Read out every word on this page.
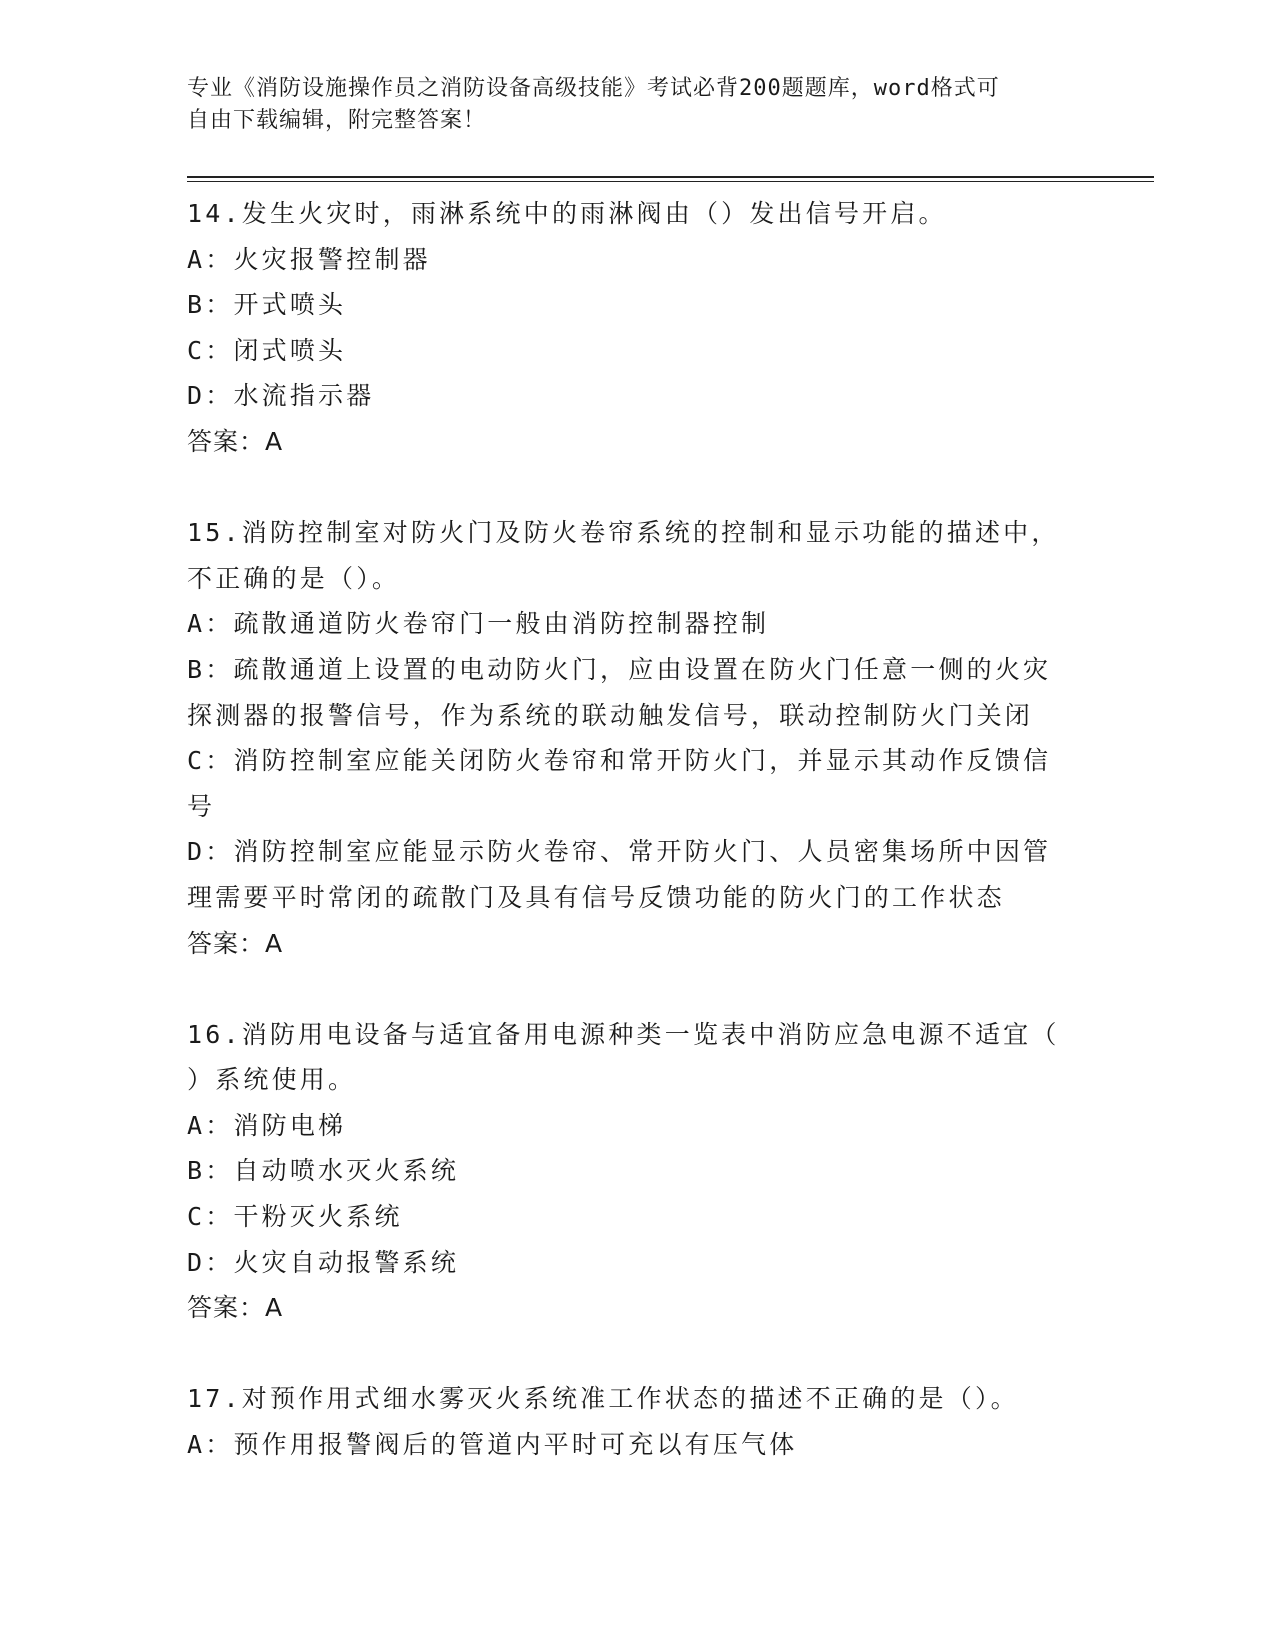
专业《消防设施操作员之消防设备高级技能》考试必背200题题库，word格式可
自由下载编辑，附完整答案！
14.发生火灾时，雨淋系统中的雨淋阀由（）发出信号开启。
A：火灾报警控制器
B：开式喷头
C：闭式喷头
D：水流指示器
答案：A
15.消防控制室对防火门及防火卷帘系统的控制和显示功能的描述中，
不正确的是（）。
A：疏散通道防火卷帘门一般由消防控制器控制
B：疏散通道上设置的电动防火门，应由设置在防火门任意一侧的火灾
探测器的报警信号，作为系统的联动触发信号，联动控制防火门关闭
C：消防控制室应能关闭防火卷帘和常开防火门，并显示其动作反馈信
号
D：消防控制室应能显示防火卷帘、常开防火门、人员密集场所中因管
理需要平时常闭的疏散门及具有信号反馈功能的防火门的工作状态
答案：A
16.消防用电设备与适宜备用电源种类一览表中消防应急电源不适宜（
）系统使用。
A：消防电梯
B：自动喷水灭火系统
C：干粉灭火系统
D：火灾自动报警系统
答案：A
17.对预作用式细水雾灭火系统准工作状态的描述不正确的是（）。
A：预作用报警阀后的管道内平时可充以有压气体
